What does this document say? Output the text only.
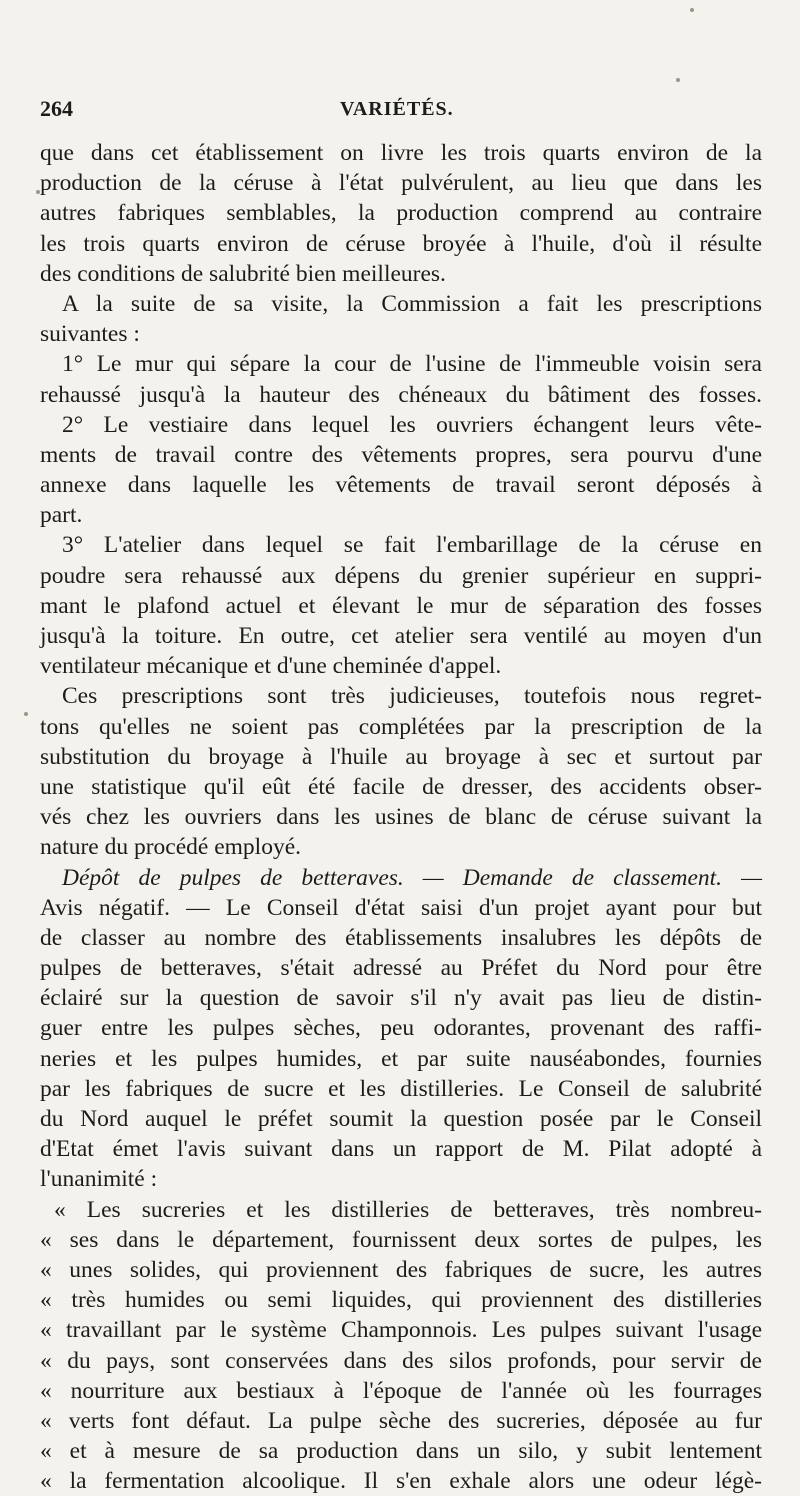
264	VARIÉTÉS.
que dans cet établissement on livre les trois quarts environ de la
production de la céruse à l'état pulvérulent, au lieu que dans les
autres fabriques semblables, la production comprend au contraire
les trois quarts environ de céruse broyée à l'huile, d'où il résulte
des conditions de salubrité bien meilleures.
A la suite de sa visite, la Commission a fait les prescriptions
suivantes :
1° Le mur qui sépare la cour de l'usine de l'immeuble voisin sera
rehaussé jusqu'à la hauteur des chéneaux du bâtiment des fosses.
2° Le vestiaire dans lequel les ouvriers échangent leurs vête-
ments de travail contre des vêtements propres, sera pourvu d'une
annexe dans laquelle les vêtements de travail seront déposés à
part.
3° L'atelier dans lequel se fait l'embarillage de la céruse en
poudre sera rehaussé aux dépens du grenier supérieur en suppri-
mant le plafond actuel et élevant le mur de séparation des fosses
jusqu'à la toiture. En outre, cet atelier sera ventilé au moyen d'un
ventilateur mécanique et d'une cheminée d'appel.
Ces prescriptions sont très judicieuses, toutefois nous regret-
tons qu'elles ne soient pas complétées par la prescription de la
substitution du broyage à l'huile au broyage à sec et surtout par
une statistique qu'il eût été facile de dresser, des accidents obser-
vés chez les ouvriers dans les usines de blanc de céruse suivant la
nature du procédé employé.
Dépôt de pulpes de betteraves. — Demande de classement. —
Avis négatif. — Le Conseil d'état saisi d'un projet ayant pour but
de classer au nombre des établissements insalubres les dépôts de
pulpes de betteraves, s'était adressé au Préfet du Nord pour être
éclairé sur la question de savoir s'il n'y avait pas lieu de distin-
guer entre les pulpes sèches, peu odorantes, provenant des raffi-
neries et les pulpes humides, et par suite nauséabondes, fournies
par les fabriques de sucre et les distilleries. Le Conseil de salubrité
du Nord auquel le préfet soumit la question posée par le Conseil
d'Etat émet l'avis suivant dans un rapport de M. Pilat adopté à
l'unanimité :
« Les sucreries et les distilleries de betteraves, très nombreu-
« ses dans le département, fournissent deux sortes de pulpes, les
« unes solides, qui proviennent des fabriques de sucre, les autres
« très humides ou semi liquides, qui proviennent des distilleries
« travaillant par le système Champonnois. Les pulpes suivant l'usage
« du pays, sont conservées dans des silos profonds, pour servir de
« nourriture aux bestiaux à l'époque de l'année où les fourrages
« verts font défaut. La pulpe sèche des sucreries, déposée au fur
« et à mesure de sa production dans un silo, y subit lentement
« la fermentation alcoolique. Il s'en exhale alors une odeur légè-
